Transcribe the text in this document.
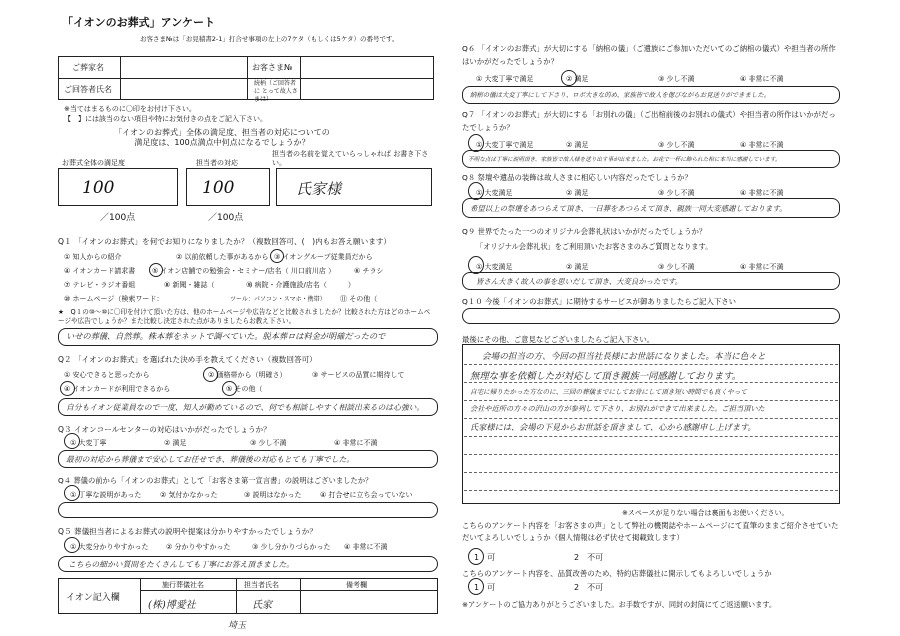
「イオンのお葬式」アンケート
お客さま№は「お見積書2-1」打合せ事項の左上の7ケタ（もしくは5ケタ）の番号です。
ご葬家名	お客さま№
ご回答者氏名
続柄（ご回答者に とって故人さまは）
※当てはまるものに〇印をお付け下さい。
【　】には該当のない項目や特にお気付きの点をご記入下さい。
「イオンのお葬式」全体の満足度、担当者の対応についての満足度は、100点満点中何点になるでしょうか？
お葬式全体の満足度
100
／100点
担当者の対応
100
／100点
担当者の名前を覚えていらっしゃれば お書き下さい。
氏家様
Q１ 「イオンのお葬式」を何でお知りになりましたか？（複数回答可、(　)内もお答え願います）
① 知人からの紹介	② 以前依頼した事があるから ③ イオングループ従業員だから
④ イオンカード請求書 ⑤ イオン店舗での勉強会・セミナー/店名（ 川口前川店 ）	⑥ チラシ
⑦ テレビ・ラジオ番組	⑧ 新聞・雑誌（　　　　　）
⑨ 病院・介護施設/店名（　　　）
⑩ ホームページ（検索ワード：	ツール：パソコン・スマホ・携帯） ⑪ その他（
★　Q１の⑩～⑩に〇印を付けて頂いた方は、他のホームページや広告などと比較されましたか？比較された方はどのホームページや広告でしょうか？また比較し決定された点がありましたらお教え下さい。
いせの葬儀、自然葬。株本葬をネットで調べていた。脱本葬ロは料金が明確だったので
Q２ 「イオンのお葬式」を選ばれた決め手を教えてください（複数回答可）
① 安心できると思ったから	② 価格帯から（明確さ）	③ サービスの品質に期待して
④ イオンカードが利用できるから	⑤ その他（
自分もイオン従業員なので一度、知人が勤めているので、何でも相談しやすく相談出来るのは心強い。
Q３ イオンコールセンターの対応はいかがだったでしょうか？
① 大変丁寧	② 満足	③ 少し不満	④ 非常に不満
最初の対応から葬儀まで安心してお任せでき、葬儀後の対応もとても丁寧でした。
Q４ 葬儀の前から「イオンのお葬式」として「お客さま第一宣言書」の説明はございましたか？
① 丁寧な説明があった	② 気付かなかった	③ 説明はなかった	④ 打合せに立ち会っていない
Q５ 葬儀担当者によるお葬式の説明や提案は分かりやすかったでしょうか？
① 大変分かりやすかった ② 分かりやすかった	③ 少し分かりづらかった ④ 非常に不満
こちらの細かい質問をたくさんしても丁寧にお答え頂きました。
イオン記入欄
施行葬儀社名	担当者氏名	備考欄
(株)博愛社	氏家
埼玉
Q６ 「イオンのお葬式」が大切にする「納棺の儀」（ご遺族にご参加いただいてのご納棺の儀式）や担当者の所作はいかがだったでしょうか？
① 大変丁寧で満足	② 満足	③ 少し不満	④ 非常に不満
納棺の儀は大変丁寧にして下さり、ロボ大きな的め、家族皆で故人を偲びながらお見送りができました。
Q７ 「イオンのお葬式」が大切にする「お別れの儀」（ご出棺前後のお別れの儀式）や担当者の所作はいかがだったでしょうか？
① 大変丁寧で満足	② 満足	③ 少し不満	④ 非常に不満
不明な点は丁寧に説明頂き、家族皆で故人様を送り出す事が出来ました。お花で一杯に飾られた棺に本当に感謝しています。
Q８ 祭壇や遺品の装飾は故人さまに相応しい内容だったでしょうか？
① 大変満足	② 満足	③ 少し不満	④ 非常に不満
希望以上の祭壇をあつらえて頂き、一日葬をあつらえて頂き、親族一同大変感謝しております。
Q９ 世界でたった一つのオリジナル会葬礼状はいかがだったでしょうか？
「オリジナル会葬礼状」をご利用頂いたお客さまのみご質問となります。
① 大変満足	② 満足	③ 少し不満	④ 非常に不満
皆さん大きく故人の事を思いだして頂き、大変良かったです。
Q１０ 今後「イオンのお葬式」に期待するサービスが御ありましたらご記入下さい
最後にその他、ご意見などございましたらご記入下さい。
会場の担当の方、今回の担当社長様にお世話になりました。本当に色々と
無理な事を依頼したが対応して頂き親族一同感謝しております。
自宅に帰りたかった方なのに、三回の葬儀までにしてお骨にして頂き短い時間でも良くやって
会社や近所の方々の沢山の方が参列して下さり、お別れができて出来ました。ご担当頂いた
氏家様には、会場の下見からお世話を頂きまして、心から感謝申し上げます。
※スペースが足りない場合は裏面もお使いください。
こちらのアンケート内容を「お客さまの声」として弊社の機関誌やホームページにて直筆のままご紹介させていただいてよろしいでしょうか（個人情報は必ず伏せて掲載致します）
1　可	2　不可
こちらのアンケート内容を、品質改善のため、特約店葬儀社に開示してもよろしいでしょうか
1　可	2　不可
※アンケートのご協力ありがとうございました。お手数ですが、同封の封筒にてご返送願います。
